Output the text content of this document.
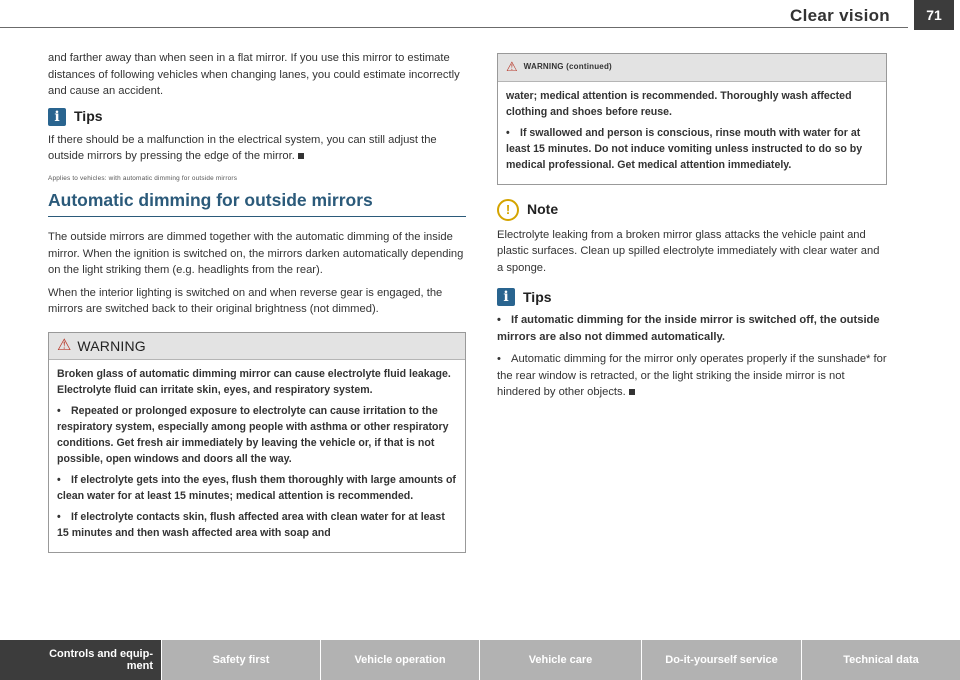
Clear vision	71

and farther away than when seen in a flat mirror. If you use this mirror to estimate distances of following vehicles when changing lanes, you could estimate incorrectly and cause an accident.

i	Tips

If there should be a malfunction in the electrical system, you can still adjust the outside mirrors by pressing the edge of the mirror.

Applies to vehicles: with automatic dimming for outside mirrors
Automatic dimming for outside mirrors

The outside mirrors are dimmed together with the automatic dimming of the inside mirror. When the ignition is switched on, the mirrors darken automatically depending on the light striking them (e.g. headlights from the rear).

When the interior lighting is switched on and when reverse gear is engaged, the mirrors are switched back to their original brightness (not dimmed).

⚠ WARNING

Broken glass of automatic dimming mirror can cause electrolyte fluid leakage. Electrolyte fluid can irritate skin, eyes, and respiratory system.

• Repeated or prolonged exposure to electrolyte can cause irritation to the respiratory system, especially among people with asthma or other respiratory conditions. Get fresh air immediately by leaving the vehicle or, if that is not possible, open windows and doors all the way.

• If electrolyte gets into the eyes, flush them thoroughly with large amounts of clean water for at least 15 minutes; medical attention is recommended.

• If electrolyte contacts skin, flush affected area with clean water for at least 15 minutes and then wash affected area with soap and

⚠ WARNING (continued)

water; medical attention is recommended. Thoroughly wash affected clothing and shoes before reuse.

• If swallowed and person is conscious, rinse mouth with water for at least 15 minutes. Do not induce vomiting unless instructed to do so by medical professional. Get medical attention immediately.

!	Note

Electrolyte leaking from a broken mirror glass attacks the vehicle paint and plastic surfaces. Clean up spilled electrolyte immediately with clear water and a sponge.

i	Tips

• If automatic dimming for the inside mirror is switched off, the outside mirrors are also not dimmed automatically.

• Automatic dimming for the mirror only operates properly if the sunshade* for the rear window is retracted, or the light striking the inside mirror is not hindered by other objects.

Controls and equip-
ment	Safety first	Vehicle operation	Vehicle care	Do-it-yourself service	Technical data
